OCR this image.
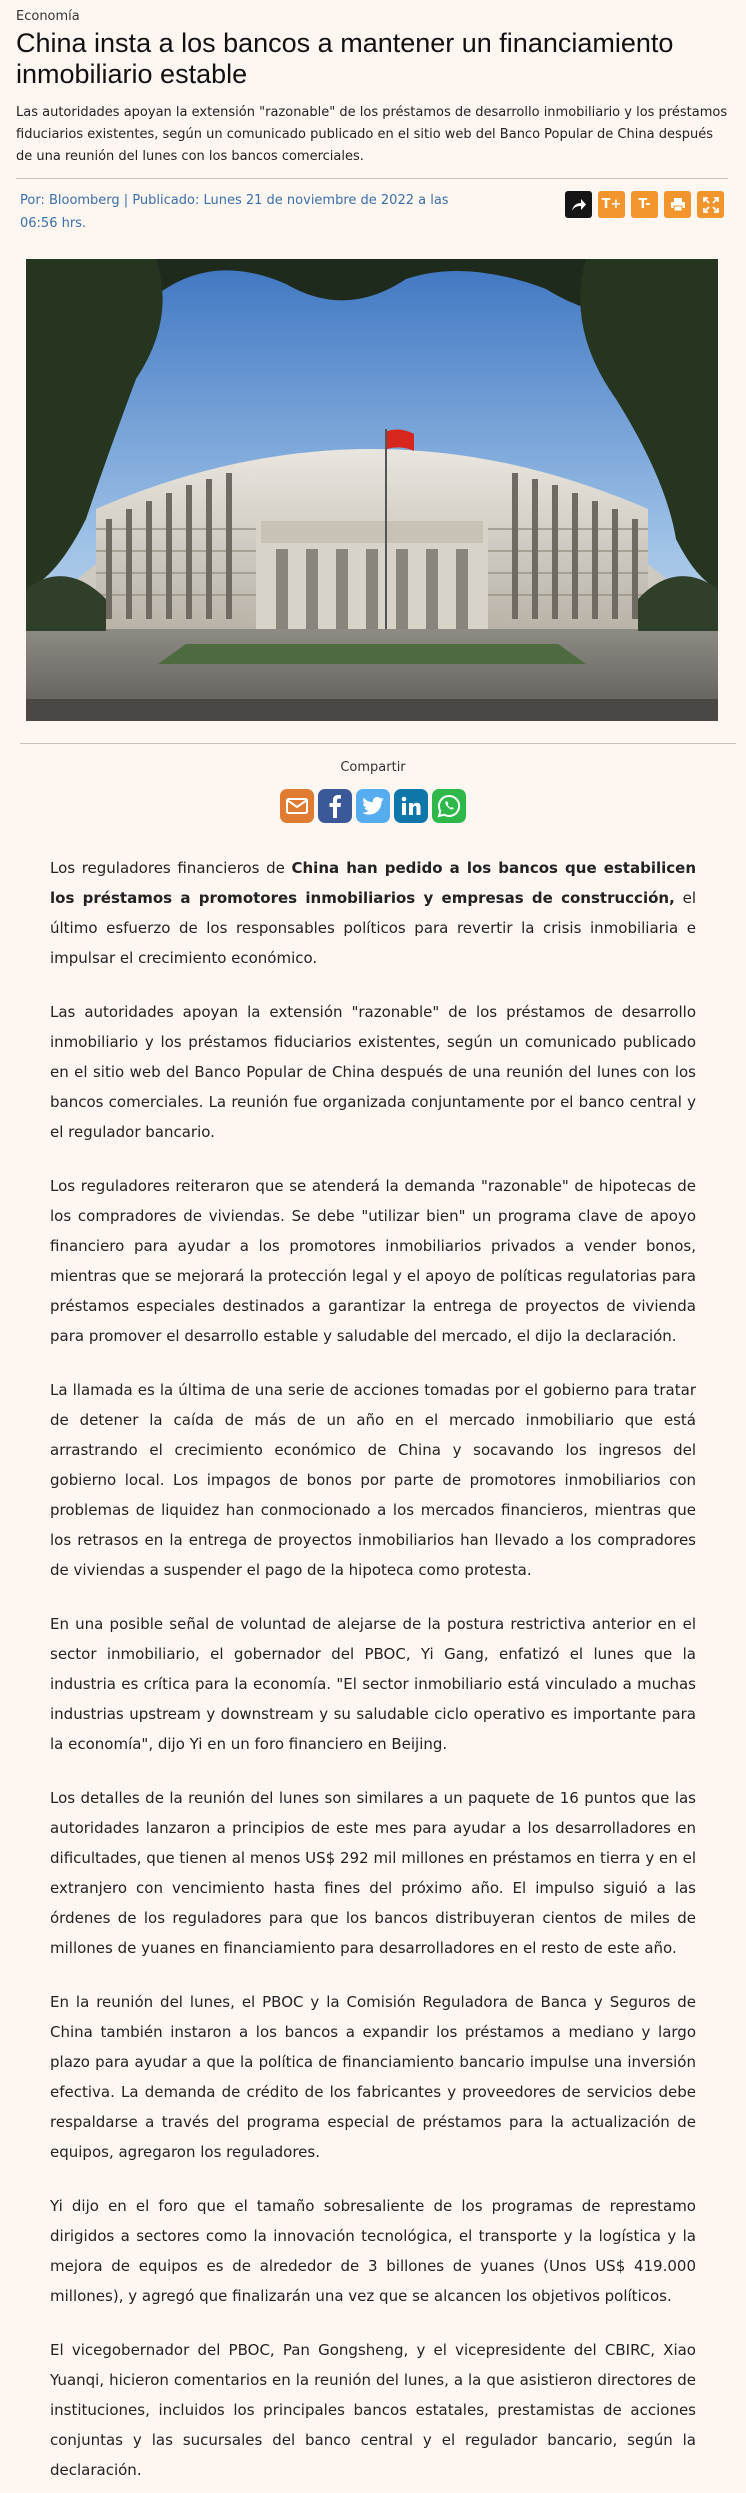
Economía
China insta a los bancos a mantener un financiamiento inmobiliario estable
Las autoridades apoyan la extensión "razonable" de los préstamos de desarrollo inmobiliario y los préstamos fiduciarios existentes, según un comunicado publicado en el sitio web del Banco Popular de China después de una reunión del lunes con los bancos comerciales.
Por: Bloomberg | Publicado: Lunes 21 de noviembre de 2022 a las 06:56 hrs.
T+	T-
Compartir

Los reguladores financieros de China han pedido a los bancos que estabilicen los préstamos a promotores inmobiliarios y empresas de construcción, el último esfuerzo de los responsables políticos para revertir la crisis inmobiliaria e impulsar el crecimiento económico.

Las autoridades apoyan la extensión "razonable" de los préstamos de desarrollo inmobiliario y los préstamos fiduciarios existentes, según un comunicado publicado en el sitio web del Banco Popular de China después de una reunión del lunes con los bancos comerciales. La reunión fue organizada conjuntamente por el banco central y el regulador bancario.

Los reguladores reiteraron que se atenderá la demanda "razonable" de hipotecas de los compradores de viviendas. Se debe "utilizar bien" un programa clave de apoyo financiero para ayudar a los promotores inmobiliarios privados a vender bonos, mientras que se mejorará la protección legal y el apoyo de políticas regulatorias para préstamos especiales destinados a garantizar la entrega de proyectos de vivienda para promover el desarrollo estable y saludable del mercado, el dijo la declaración.

La llamada es la última de una serie de acciones tomadas por el gobierno para tratar de detener la caída de más de un año en el mercado inmobiliario que está arrastrando el crecimiento económico de China y socavando los ingresos del gobierno local. Los impagos de bonos por parte de promotores inmobiliarios con problemas de liquidez han conmocionado a los mercados financieros, mientras que los retrasos en la entrega de proyectos inmobiliarios han llevado a los compradores de viviendas a suspender el pago de la hipoteca como protesta.

En una posible señal de voluntad de alejarse de la postura restrictiva anterior en el sector inmobiliario, el gobernador del PBOC, Yi Gang, enfatizó el lunes que la industria es crítica para la economía. "El sector inmobiliario está vinculado a muchas industrias upstream y downstream y su saludable ciclo operativo es importante para la economía", dijo Yi en un foro financiero en Beijing.

Los detalles de la reunión del lunes son similares a un paquete de 16 puntos que las autoridades lanzaron a principios de este mes para ayudar a los desarrolladores en dificultades, que tienen al menos US$ 292 mil millones en préstamos en tierra y en el extranjero con vencimiento hasta fines del próximo año. El impulso siguió a las órdenes de los reguladores para que los bancos distribuyeran cientos de miles de millones de yuanes en financiamiento para desarrolladores en el resto de este año.

En la reunión del lunes, el PBOC y la Comisión Reguladora de Banca y Seguros de China también instaron a los bancos a expandir los préstamos a mediano y largo plazo para ayudar a que la política de financiamiento bancario impulse una inversión efectiva. La demanda de crédito de los fabricantes y proveedores de servicios debe respaldarse a través del programa especial de préstamos para la actualización de equipos, agregaron los reguladores.

Yi dijo en el foro que el tamaño sobresaliente de los programas de represtamo dirigidos a sectores como la innovación tecnológica, el transporte y la logística y la mejora de equipos es de alrededor de 3 billones de yuanes (Unos US$ 419.000 millones), y agregó que finalizarán una vez que se alcancen los objetivos políticos.

El vicegobernador del PBOC, Pan Gongsheng, y el vicepresidente del CBIRC, Xiao Yuanqi, hicieron comentarios en la reunión del lunes, a la que asistieron directores de instituciones, incluidos los principales bancos estatales, prestamistas de acciones conjuntas y las sucursales del banco central y el regulador bancario, según la declaración.
